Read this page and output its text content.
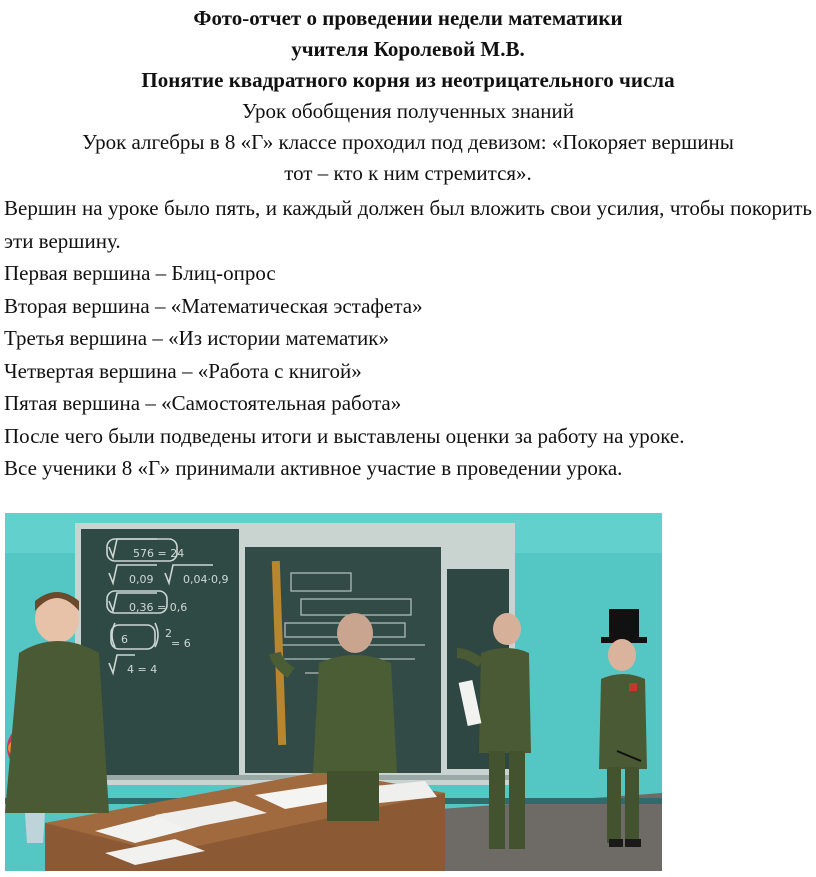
Фото-отчет о проведении недели математики
учителя Королевой М.В.
Понятие квадратного корня из неотрицательного числа
Урок обобщения полученных знаний
Урок алгебры в 8 «Г» классе проходил под девизом: «Покоряет вершины
тот – кто к ним стремится».

Вершин на уроке было пять, и каждый должен был вложить свои усилия, чтобы покорить эти вершину.

Первая вершина – Блиц-опрос

Вторая вершина – «Математическая эстафета»

Третья вершина – «Из истории математик»

Четвертая вершина – «Работа с книгой»

Пятая вершина – «Самостоятельная работа»

После чего были подведены итоги и выставлены оценки за работу на уроке.

Все ученики 8 «Г» принимали активное участие в проведении урока.

576 = 24
0,09	0,04·0,9
0,36 = 0,6
6	2
= 6
4 = 4
